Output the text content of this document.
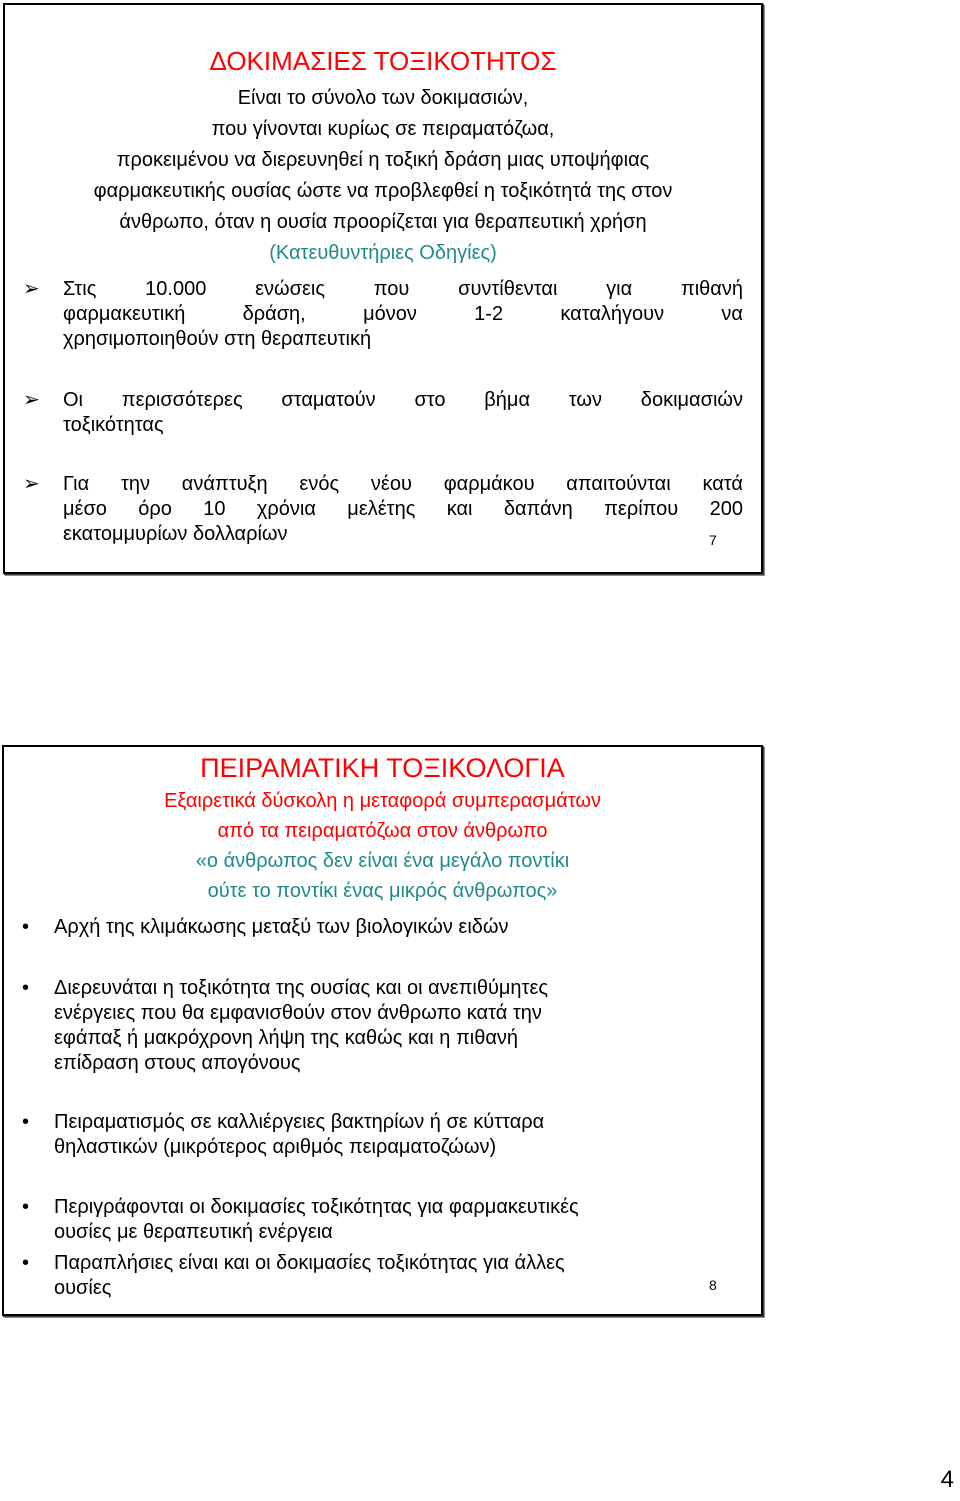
ΔΟΚΙΜΑΣΙΕΣ ΤΟΞΙΚΟΤΗΤΟΣ
Είναι το σύνολο των δοκιμασιών,
που γίνονται κυρίως σε πειραματόζωα,
προκειμένου να διερευνηθεί η τοξική δράση μιας υποψήφιας
φαρμακευτικής ουσίας ώστε να προβλεφθεί η τοξικότητά της στον
άνθρωπο, όταν η ουσία προορίζεται για θεραπευτική χρήση
(Κατευθυντήριες Οδηγίες)
➢ Στις 10.000 ενώσεις που συντίθενται για πιθανή
φαρμακευτική δράση, μόνον 1-2 καταλήγουν να
χρησιμοποιηθούν στη θεραπευτική
➢ Οι περισσότερες σταματούν στο βήμα των δοκιμασιών
τοξικότητας
➢ Για την ανάπτυξη ενός νέου φαρμάκου απαιτούνται κατά
μέσο όρο 10 χρόνια μελέτης και δαπάνη περίπου 200
εκατομμυρίων δολλαρίων	7
ΠΕΙΡΑΜΑΤΙΚΗ ΤΟΞΙΚΟΛΟΓΙΑ
Εξαιρετικά δύσκολη η μεταφορά συμπερασμάτων
από τα πειραματόζωα στον άνθρωπο
«ο άνθρωπος δεν είναι ένα μεγάλο ποντίκι
ούτε το ποντίκι ένας μικρός άνθρωπος»
• Αρχή της κλιμάκωσης μεταξύ των βιολογικών ειδών
• Διερευνάται η τοξικότητα της ουσίας και οι ανεπιθύμητες
ενέργειες που θα εμφανισθούν στον άνθρωπο κατά την
εφάπαξ ή μακρόχρονη λήψη της καθώς και η πιθανή
επίδραση στους απογόνους
• Πειραματισμός σε καλλιέργειες βακτηρίων ή σε κύτταρα
θηλαστικών (μικρότερος αριθμός πειραματοζώων)
• Περιγράφονται οι δοκιμασίες τοξικότητας για φαρμακευτικές
ουσίες με θεραπευτική ενέργεια
• Παραπλήσιες είναι και οι δοκιμασίες τοξικότητας για άλλες
ουσίες	8
4
